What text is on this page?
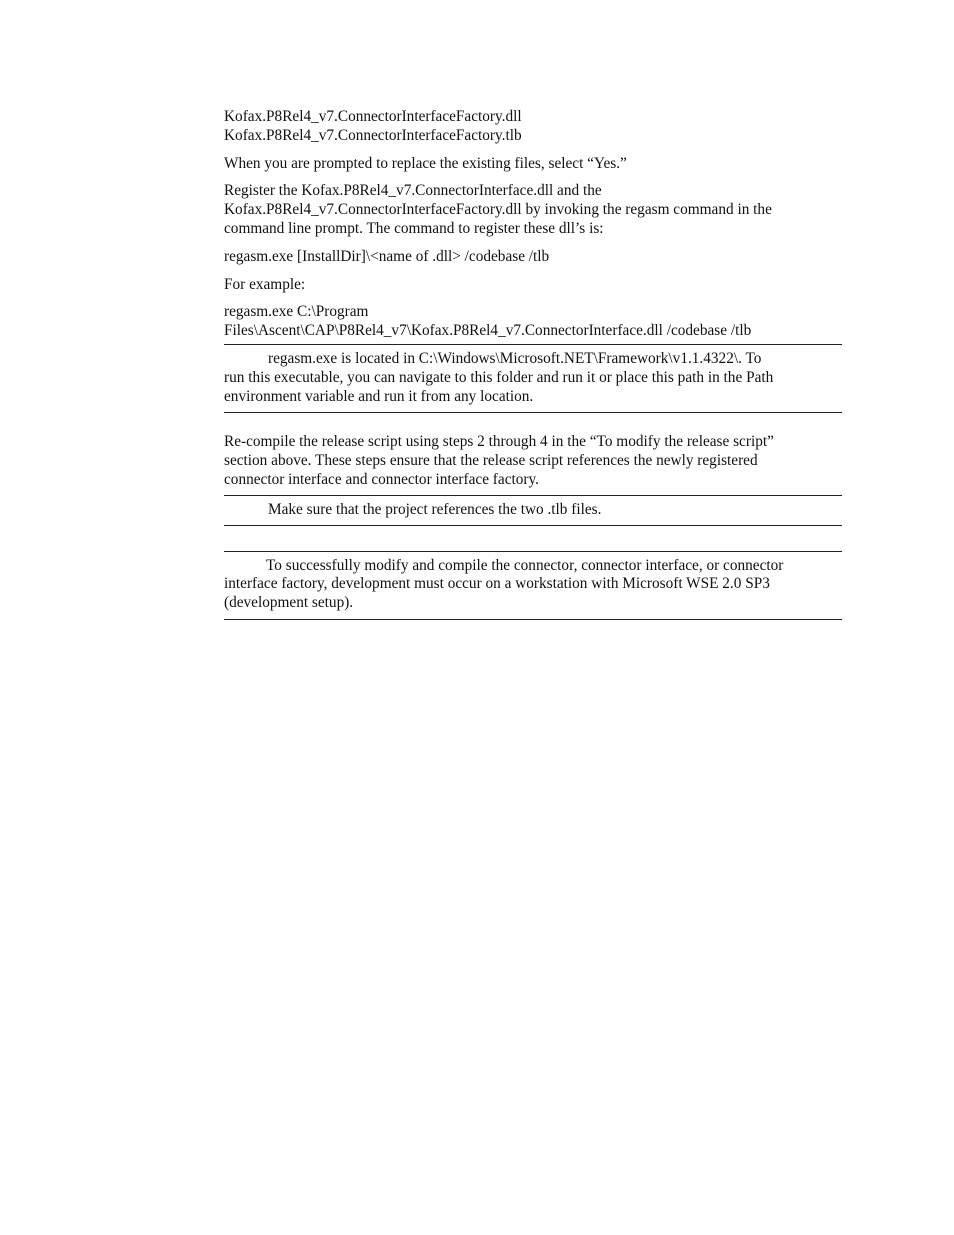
Kofax.P8Rel4_v7.ConnectorInterfaceFactory.dll
Kofax.P8Rel4_v7.ConnectorInterfaceFactory.tlb

When you are prompted to replace the existing files, select “Yes.”

Register the Kofax.P8Rel4_v7.ConnectorInterface.dll and the
Kofax.P8Rel4_v7.ConnectorInterfaceFactory.dll by invoking the regasm command in the
command line prompt. The command to register these dll’s is:

regasm.exe [InstallDir]\<name of .dll> /codebase /tlb

For example:

regasm.exe C:\Program
Files\Ascent\CAP\P8Rel4_v7\Kofax.P8Rel4_v7.ConnectorInterface.dll /codebase /tlb
regasm.exe is located in C:\Windows\Microsoft.NET\Framework\v1.1.4322\. To
run this executable, you can navigate to this folder and run it or place this path in the Path
environment variable and run it from any location.
Re-compile the release script using steps 2 through 4 in the “To modify the release script”
section above. These steps ensure that the release script references the newly registered
connector interface and connector interface factory.
Make sure that the project references the two .tlb files.
To successfully modify and compile the connector, connector interface, or connector
interface factory, development must occur on a workstation with Microsoft WSE 2.0 SP3
(development setup).
